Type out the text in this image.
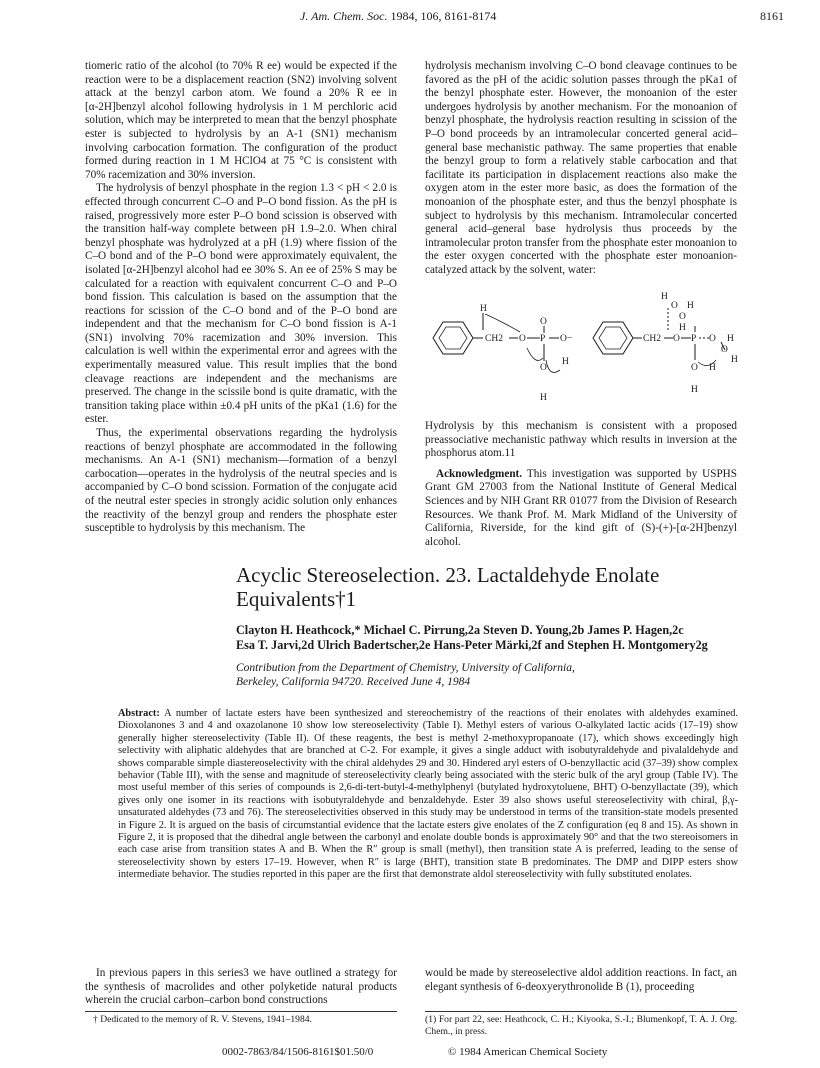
J. Am. Chem. Soc. 1984, 106, 8161-8174	8161

tiomeric ratio of the alcohol (to 70% R ee) would be expected if the reaction were to be a displacement reaction (SN2) involving solvent attack at the benzyl carbon atom. We found a 20% R ee in [α-2H]benzyl alcohol following hydrolysis in 1 M perchloric acid solution, which may be interpreted to mean that the benzyl phosphate ester is subjected to hydrolysis by an A-1 (SN1) mechanism involving carbocation formation. The configuration of the product formed during reaction in 1 M HClO4 at 75 °C is consistent with 70% racemization and 30% inversion.

The hydrolysis of benzyl phosphate in the region 1.3 < pH < 2.0 is effected through concurrent C–O and P–O bond fission. As the pH is raised, progressively more ester P–O bond scission is observed with the transition half-way complete between pH 1.9–2.0. When chiral benzyl phosphate was hydrolyzed at a pH (1.9) where fission of the C–O bond and of the P–O bond were approximately equivalent, the isolated [α-2H]benzyl alcohol had ee 30% S. An ee of 25% S may be calculated for a reaction with equivalent concurrent C–O and P–O bond fission. This calculation is based on the assumption that the reactions for scission of the C–O bond and of the P–O bond are independent and that the mechanism for C–O bond fission is A-1 (SN1) involving 70% racemization and 30% inversion. This calculation is well within the experimental error and agrees with the experimentally measured value. This result implies that the bond cleavage reactions are independent and the mechanisms are preserved. The change in the scissile bond is quite dramatic, with the transition taking place within ±0.4 pH units of the pKa1 (1.6) for the ester.

Thus, the experimental observations regarding the hydrolysis reactions of benzyl phosphate are accommodated in the following mechanisms. An A-1 (SN1) mechanism—formation of a benzyl carbocation—operates in the hydrolysis of the neutral species and is accompanied by C–O bond scission. Formation of the conjugate acid of the neutral ester species in strongly acidic solution only enhances the reactivity of the benzyl group and renders the phosphate ester susceptible to hydrolysis by this mechanism. The

hydrolysis mechanism involving C–O bond cleavage continues to be favored as the pH of the acidic solution passes through the pKa1 of the benzyl phosphate ester. However, the monoanion of the ester undergoes hydrolysis by another mechanism. For the monoanion of benzyl phosphate, the hydrolysis reaction resulting in scission of the P–O bond proceeds by an intramolecular concerted general acid–general base mechanistic pathway. The same properties that enable the benzyl group to form a relatively stable carbocation and that facilitate its participation in displacement reactions also make the oxygen atom in the ester more basic, as does the formation of the monoanion of the phosphate ester, and thus the benzyl phosphate is subject to hydrolysis by this mechanism. Intramolecular concerted general acid–general base hydrolysis thus proceeds by the intramolecular proton transfer from the phosphate ester monoanion to the ester oxygen concerted with the phosphate ester monoanion-catalyzed attack by the solvent, water:

H
O
CH2
O
P O−
O
H
H
H
O H
O
H
CH2 O P O H
O
H
O H
H

Hydrolysis by this mechanism is consistent with a proposed preassociative mechanistic pathway which results in inversion at the phosphorus atom.11

Acknowledgment. This investigation was supported by USPHS Grant GM 27003 from the National Institute of General Medical Sciences and by NIH Grant RR 01077 from the Division of Research Resources. We thank Prof. M. Mark Midland of the University of California, Riverside, for the kind gift of (S)-(+)-[α-2H]benzyl alcohol.

Acyclic Stereoselection. 23. Lactaldehyde Enolate
Equivalents†1
Clayton H. Heathcock,* Michael C. Pirrung,2a Steven D. Young,2b James P. Hagen,2c
Esa T. Jarvi,2d Ulrich Badertscher,2e Hans-Peter Märki,2f and Stephen H. Montgomery2g
Contribution from the Department of Chemistry, University of California,
Berkeley, California 94720. Received June 4, 1984
Abstract: A number of lactate esters have been synthesized and stereochemistry of the reactions of their enolates with aldehydes examined. Dioxolanones 3 and 4 and oxazolanone 10 show low stereoselectivity (Table I). Methyl esters of various O-alkylated lactic acids (17–19) show generally higher stereoselectivity (Table II). Of these reagents, the best is methyl 2-methoxypropanoate (17), which shows exceedingly high selectivity with aliphatic aldehydes that are branched at C-2. For example, it gives a single adduct with isobutyraldehyde and pivalaldehyde and shows comparable simple diastereoselectivity with the chiral aldehydes 29 and 30. Hindered aryl esters of O-benzyllactic acid (37–39) show complex behavior (Table III), with the sense and magnitude of stereoselectivity clearly being associated with the steric bulk of the aryl group (Table IV). The most useful member of this series of compounds is 2,6-di-tert-butyl-4-methylphenyl (butylated hydroxytoluene, BHT) O-benzyllactate (39), which gives only one isomer in its reactions with isobutyraldehyde and benzaldehyde. Ester 39 also shows useful stereoselectivity with chiral, β,γ-unsaturated aldehydes (73 and 76). The stereoselectivities observed in this study may be understood in terms of the transition-state models presented in Figure 2. It is argued on the basis of circumstantial evidence that the lactate esters give enolates of the Z configuration (eq 8 and 15). As shown in Figure 2, it is proposed that the dihedral angle between the carbonyl and enolate double bonds is approximately 90° and that the two stereoisomers in each case arise from transition states A and B. When the R″ group is small (methyl), then transition state A is preferred, leading to the sense of stereoselectivity shown by esters 17–19. However, when R″ is large (BHT), transition state B predominates. The DMP and DIPP esters show intermediate behavior. The studies reported in this paper are the first that demonstrate aldol stereoselectivity with fully substituted enolates.

In previous papers in this series3 we have outlined a strategy for the synthesis of macrolides and other polyketide natural products wherein the crucial carbon–carbon bond constructions

would be made by stereoselective aldol addition reactions. In fact, an elegant synthesis of 6-deoxyerythronolide B (1), proceeding

† Dedicated to the memory of R. V. Stevens, 1941–1984.	(1) For part 22, see: Heathcock, C. H.; Kiyooka, S.-I.; Blumenkopf, T. A. J. Org. Chem., in press.
0002-7863/84/1506-8161$01.50/0	© 1984 American Chemical Society
